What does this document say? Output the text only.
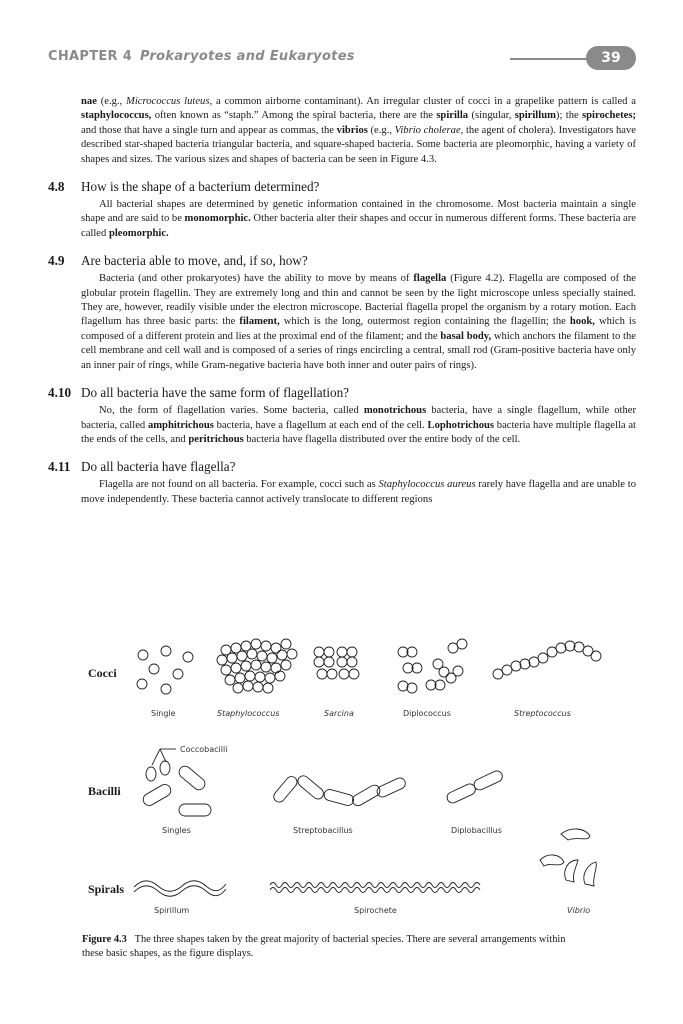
CHAPTER 4 Prokaryotes and Eukaryotes	39

nae (e.g., Micrococcus luteus, a common airborne contaminant). An irregular cluster of cocci in a grapelike pattern is called a staphylococcus, often known as “staph.” Among the spiral bacteria, there are the spirilla (singular, spirillum); the spirochetes; and those that have a single turn and appear as commas, the vibrios (e.g., Vibrio cholerae, the agent of cholera). Investigators have described star-shaped bacteria triangular bacteria, and square-shaped bacteria. Some bacteria are pleomorphic, having a variety of shapes and sizes. The various sizes and shapes of bacteria can be seen in Figure 4.3.

4.8 How is the shape of a bacterium determined?

All bacterial shapes are determined by genetic information contained in the chromosome. Most bacteria maintain a single shape and are said to be monomorphic. Other bacteria alter their shapes and occur in numerous different forms. These bacteria are called pleomorphic.

4.9 Are bacteria able to move, and, if so, how?

Bacteria (and other prokaryotes) have the ability to move by means of flagella (Figure 4.2). Flagella are composed of the globular protein flagellin. They are extremely long and thin and cannot be seen by the light microscope unless specially stained. They are, however, readily visible under the electron microscope. Bacterial flagella propel the organism by a rotary motion. Each flagellum has three basic parts: the filament, which is the long, outermost region containing the flagellin; the hook, which is composed of a different protein and lies at the proximal end of the filament; and the basal body, which anchors the filament to the cell membrane and cell wall and is composed of a series of rings encircling a central, small rod (Gram-positive bacteria have only an inner pair of rings, while Gram-negative bacteria have both inner and outer pairs of rings).

4.10 Do all bacteria have the same form of flagellation?

No, the form of flagellation varies. Some bacteria, called monotrichous bacteria, have a single flagellum, while other bacteria, called amphitrichous bacteria, have a flagellum at each end of the cell. Lophotrichous bacteria have multiple flagella at the ends of the cells, and peritrichous bacteria have flagella distributed over the entire body of the cell.

4.11 Do all bacteria have flagella?

Flagella are not found on all bacteria. For example, cocci such as Staphylococcus aureus rarely have flagella and are unable to move independently. These bacteria cannot actively translocate to different regions

Cocci
Bacilli
Spirals
Single	Staphylococcus	Sarcina	Diplococcus	Streptococcus
Coccobacilli
Singles	Streptobacillus	Diplobacillus
Spirillum	Spirochete	Vibrio
Figure 4.3 The three shapes taken by the great majority of bacterial species. There are several arrangements within these basic shapes, as the figure displays.
